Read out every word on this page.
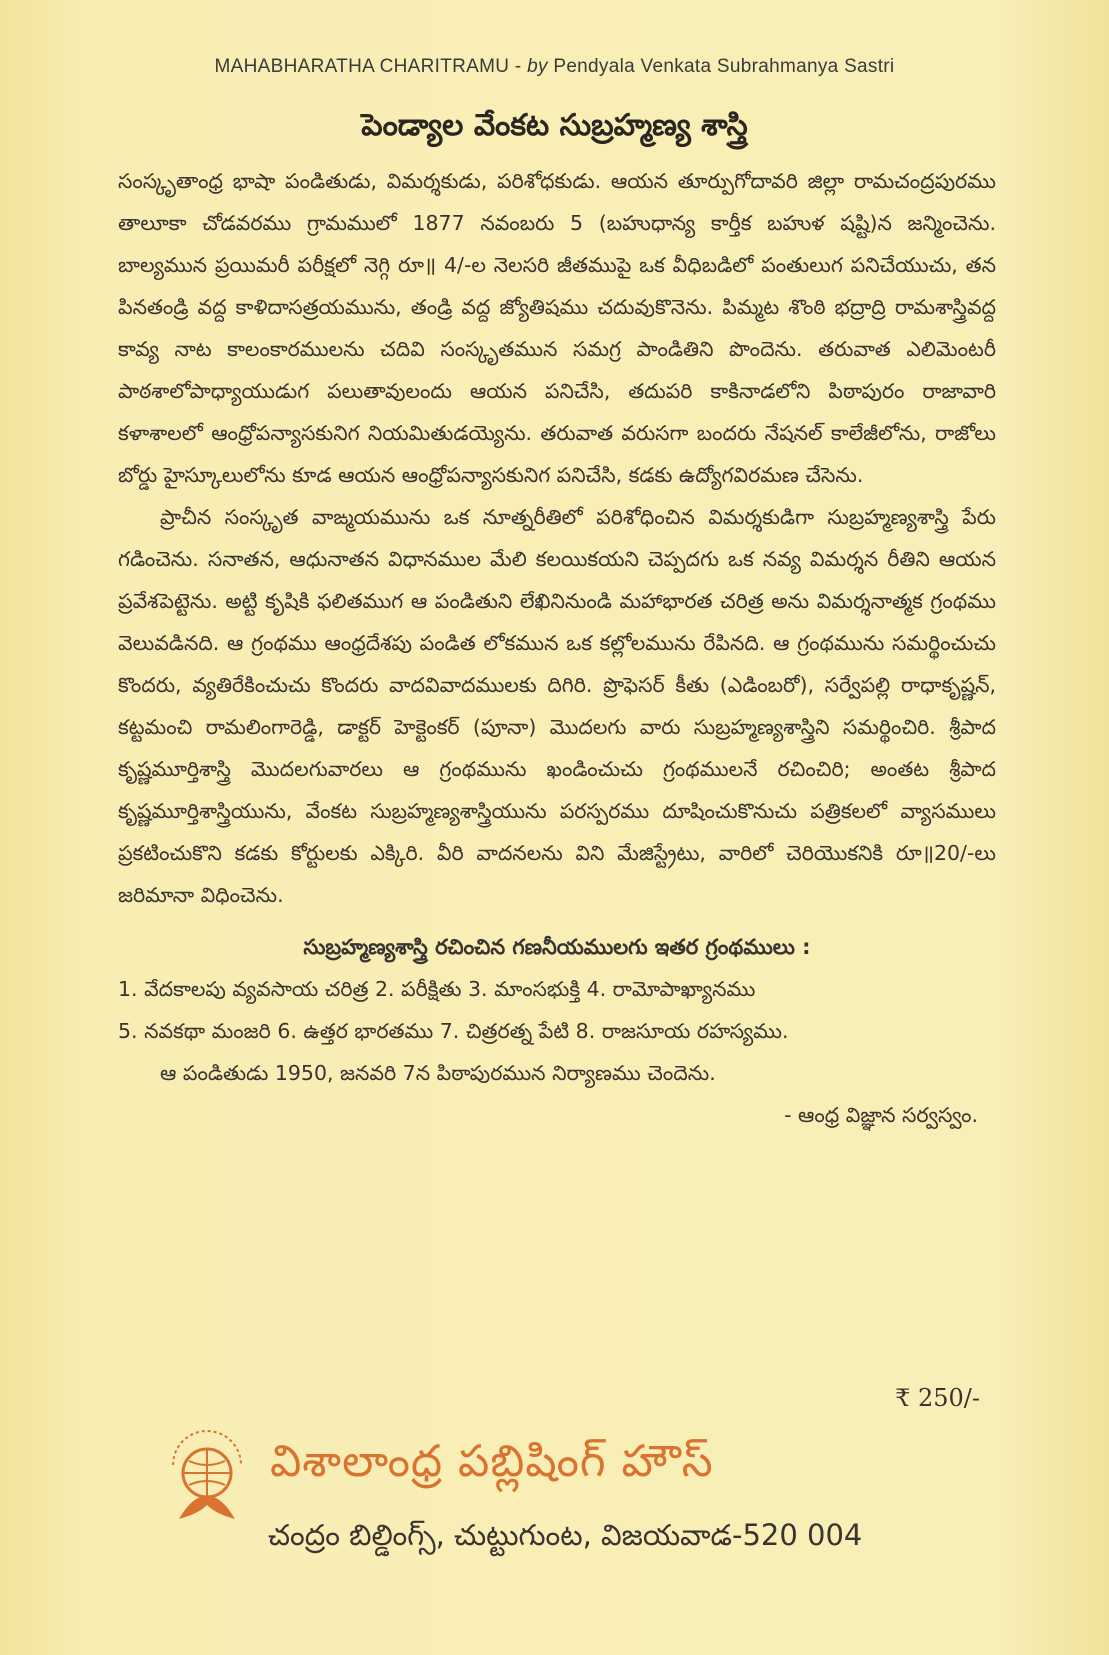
MAHABHARATHA CHARITRAMU - by Pendyala Venkata Subrahmanya Sastri
పెండ్యాల వేంకట సుబ్రహ్మణ్య శాస్త్రి

సంస్కృతాంధ్ర భాషా పండితుడు, విమర్శకుడు, పరిశోధకుడు. ఆయన తూర్పుగోదావరి జిల్లా రామచంద్రపురము తాలూకా చోడవరము గ్రామములో 1877 నవంబరు 5 (బహుధాన్య కార్తీక బహుళ షష్టి)న జన్మించెను. బాల్యమున ప్రయిమరీ పరీక్షలో నెగ్గి రూ॥ 4/-ల నెలసరి జీతముపై ఒక వీధిబడిలో పంతులుగ పనిచేయుచు, తన పినతండ్రి వద్ద కాళిదాసత్రయమును, తండ్రి వద్ద జ్యోతిషము చదువుకొనెను. పిమ్మట శొంఠి భద్రాద్రి రామశాస్త్రివద్ద కావ్య నాట కాలంకారములను చదివి సంస్కృతమున సమగ్ర పాండితిని పొందెను. తరువాత ఎలిమెంటరీ పాఠశాలోపాధ్యాయుడుగ పలుతావులందు ఆయన పనిచేసి, తదుపరి కాకినాడలోని పిఠాపురం రాజావారి కళాశాలలో ఆంధ్రోపన్యాసకునిగ నియమితుడయ్యెను. తరువాత వరుసగా బందరు నేషనల్ కాలేజీలోను, రాజోలు బోర్డు హైస్కూలులోను కూడ ఆయన ఆంధ్రోపన్యాసకునిగ పనిచేసి, కడకు ఉద్యోగవిరమణ చేసెను.

ప్రాచీన సంస్కృత వాఙ్మయమును ఒక నూత్నరీతిలో పరిశోధించిన విమర్శకుడిగా సుబ్రహ్మణ్యశాస్త్రి పేరు గడించెను. సనాతన, ఆధునాతన విధానముల మేలి కలయికయని చెప్పదగు ఒక నవ్య విమర్శన రీతిని ఆయన ప్రవేశపెట్టెను. అట్టి కృషికి ఫలితముగ ఆ పండితుని లేఖినినుండి మహాభారత చరిత్ర అను విమర్శనాత్మక గ్రంథము వెలువడినది. ఆ గ్రంథము ఆంధ్రదేశపు పండిత లోకమున ఒక కల్లోలమును రేపినది. ఆ గ్రంథమును సమర్థించుచు కొందరు, వ్యతిరేకించుచు కొందరు వాదవివాదములకు దిగిరి. ప్రొఫెసర్ కీతు (ఎడింబరో), సర్వేపల్లి రాధాకృష్ణన్, కట్టమంచి రామలింగారెడ్డి, డాక్టర్ హెక్టెంకర్ (పూనా) మొదలగు వారు సుబ్రహ్మణ్యశాస్త్రిని సమర్థించిరి. శ్రీపాద కృష్ణమూర్తిశాస్త్రి మొదలగువారలు ఆ గ్రంథమును ఖండించుచు గ్రంథములనే రచించిరి; అంతట శ్రీపాద కృష్ణమూర్తిశాస్త్రియును, వేంకట సుబ్రహ్మణ్యశాస్త్రియును పరస్పరము దూషించుకొనుచు పత్రికలలో వ్యాసములు ప్రకటించుకొని కడకు కోర్టులకు ఎక్కిరి. వీరి వాదనలను విని మేజిస్ట్రేటు, వారిలో చెరియొకనికి రూ॥20/-లు జరిమానా విధించెను.

సుబ్రహ్మణ్యశాస్త్రి రచించిన గణనీయములగు ఇతర గ్రంథములు :
1. వేదకాలపు వ్యవసాయ చరిత్ర 2. పరీక్షితు 3. మాంసభుక్తి 4. రామోపాఖ్యానము
5. నవకథా మంజరి 6. ఉత్తర భారతము 7. చిత్రరత్న పేటి 8. రాజసూయ రహస్యము.
ఆ పండితుడు 1950, జనవరి 7న పిఠాపురమున నిర్యాణము చెందెను.
- ఆంధ్ర విజ్ఞాన సర్వస్వం.
₹ 250/-
విశాలాంధ్ర పబ్లిషింగ్ హౌస్
చంద్రం బిల్డింగ్స్, చుట్టుగుంట, విజయవాడ-520 004
